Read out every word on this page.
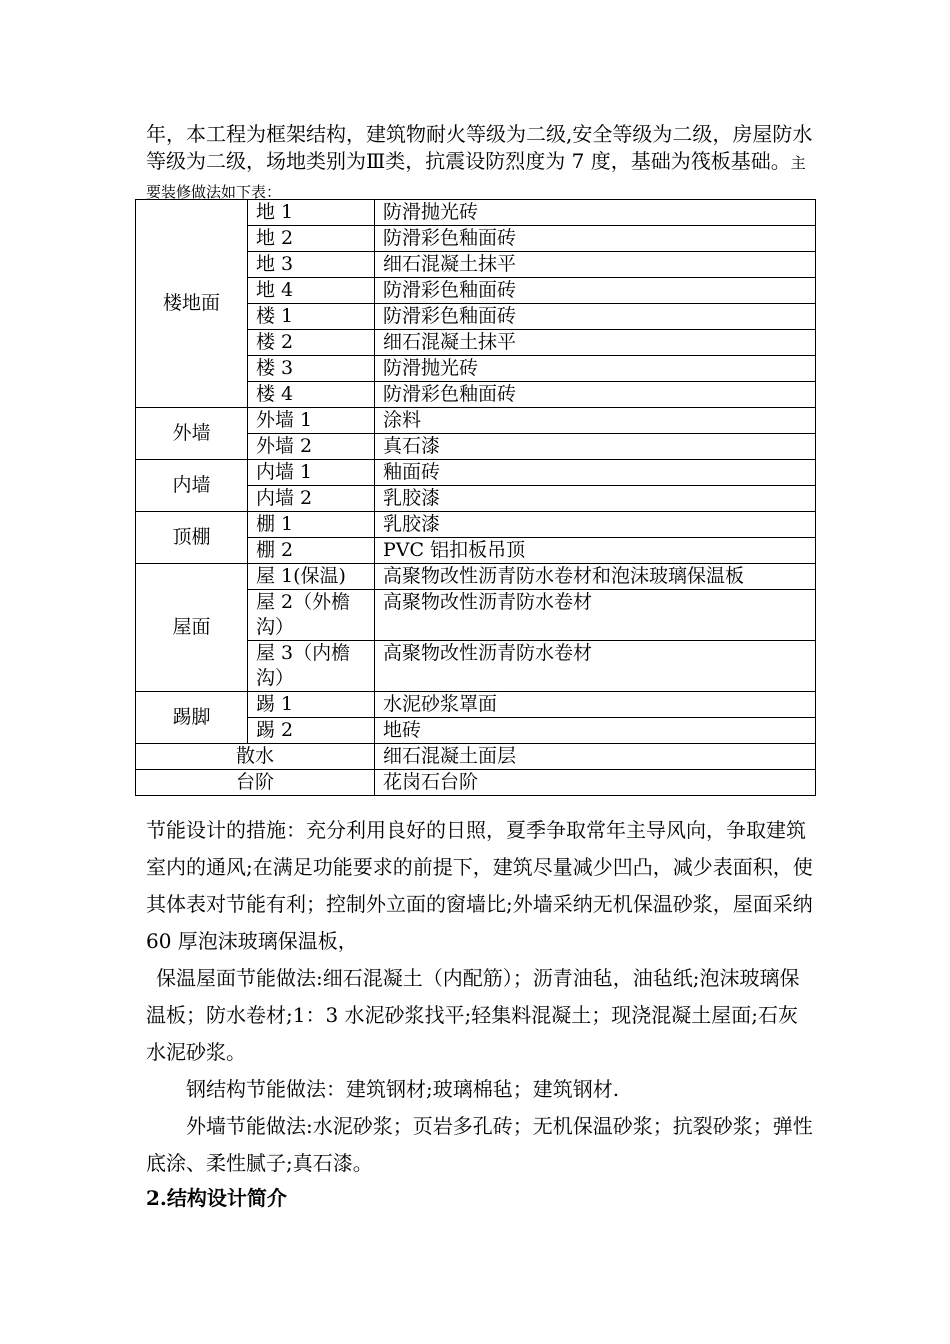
年，本工程为框架结构，建筑物耐火等级为二级,安全等级为二级，房屋防水等级为二级，场地类别为Ⅲ类，抗震设防烈度为 7 度，基础为筏板基础。主要装修做法如下表：

楼地面	地 1	防滑抛光砖
	地 2	防滑彩色釉面砖
	地 3	细石混凝土抹平
	地 4	防滑彩色釉面砖
	楼 1	防滑彩色釉面砖
	楼 2	细石混凝土抹平
	楼 3	防滑抛光砖
	楼 4	防滑彩色釉面砖
外墙	外墙 1	涂料
	外墙 2	真石漆
内墙	内墙 1	釉面砖
	内墙 2	乳胶漆
顶棚	棚 1	乳胶漆
	棚 2	PVC 铝扣板吊顶
屋面	屋 1(保温)	高聚物改性沥青防水卷材和泡沫玻璃保温板
	屋 2（外檐沟）	高聚物改性沥青防水卷材
	屋 3（内檐沟）	高聚物改性沥青防水卷材
踢脚	踢 1	水泥砂浆罩面
	踢 2	地砖
散水		细石混凝土面层
台阶		花岗石台阶

节能设计的措施：充分利用良好的日照，夏季争取常年主导风向，争取建筑室内的通风;在满足功能要求的前提下，建筑尽量减少凹凸，减少表面积，使其体表对节能有利；控制外立面的窗墙比;外墙采纳无机保温砂浆，屋面采纳 60 厚泡沫玻璃保温板，

保温屋面节能做法:细石混凝土（内配筋）；沥青油毡，油毡纸;泡沫玻璃保温板；防水卷材;1：3 水泥砂浆找平;轻集料混凝土；现浇混凝土屋面;石灰水泥砂浆。

钢结构节能做法：建筑钢材;玻璃棉毡；建筑钢材.

外墙节能做法:水泥砂浆；页岩多孔砖；无机保温砂浆；抗裂砂浆；弹性底涂、柔性腻子;真石漆。

2.结构设计简介
